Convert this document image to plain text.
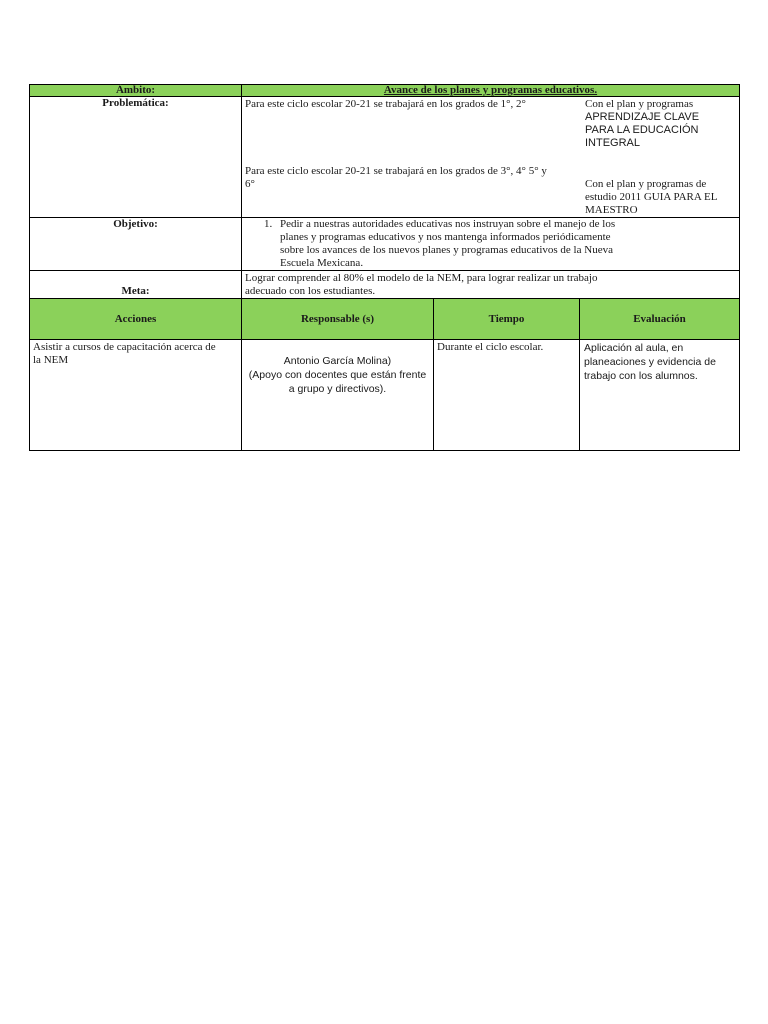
Ámbito:	Avance de los planes y programas educativos.
Problemática:	Para este ciclo escolar 20-21 se trabajará en los grados de 1°, 2°	Con el plan y programas
APRENDIZAJE CLAVE
PARA LA EDUCACIÓN
INTEGRAL
Para este ciclo escolar 20-21 se trabajará en los grados de 3°, 4° 5° y
6°	Con el plan y programas de
estudio 2011 GUIA PARA EL
MAESTRO
Objetivo:	1. Pedir a nuestras autoridades educativas nos instruyan sobre el manejo de los
planes y programas educativos y nos mantenga informados periódicamente
sobre los avances de los nuevos planes y programas educativos de la Nueva
Escuela Mexicana.
Meta:
Lograr comprender al 80% el modelo de la NEM, para lograr realizar un trabajo
adecuado con los estudiantes.
Acciones	Responsable (s)	Tiempo	Evaluación
Asistir a cursos de capacitación acerca de
la NEM	Antonio García Molina)
(Apoyo con docentes que están frente
a grupo y directivos).
Durante el ciclo escolar.	Aplicación al aula, en
planeaciones y evidencia de
trabajo con los alumnos.
